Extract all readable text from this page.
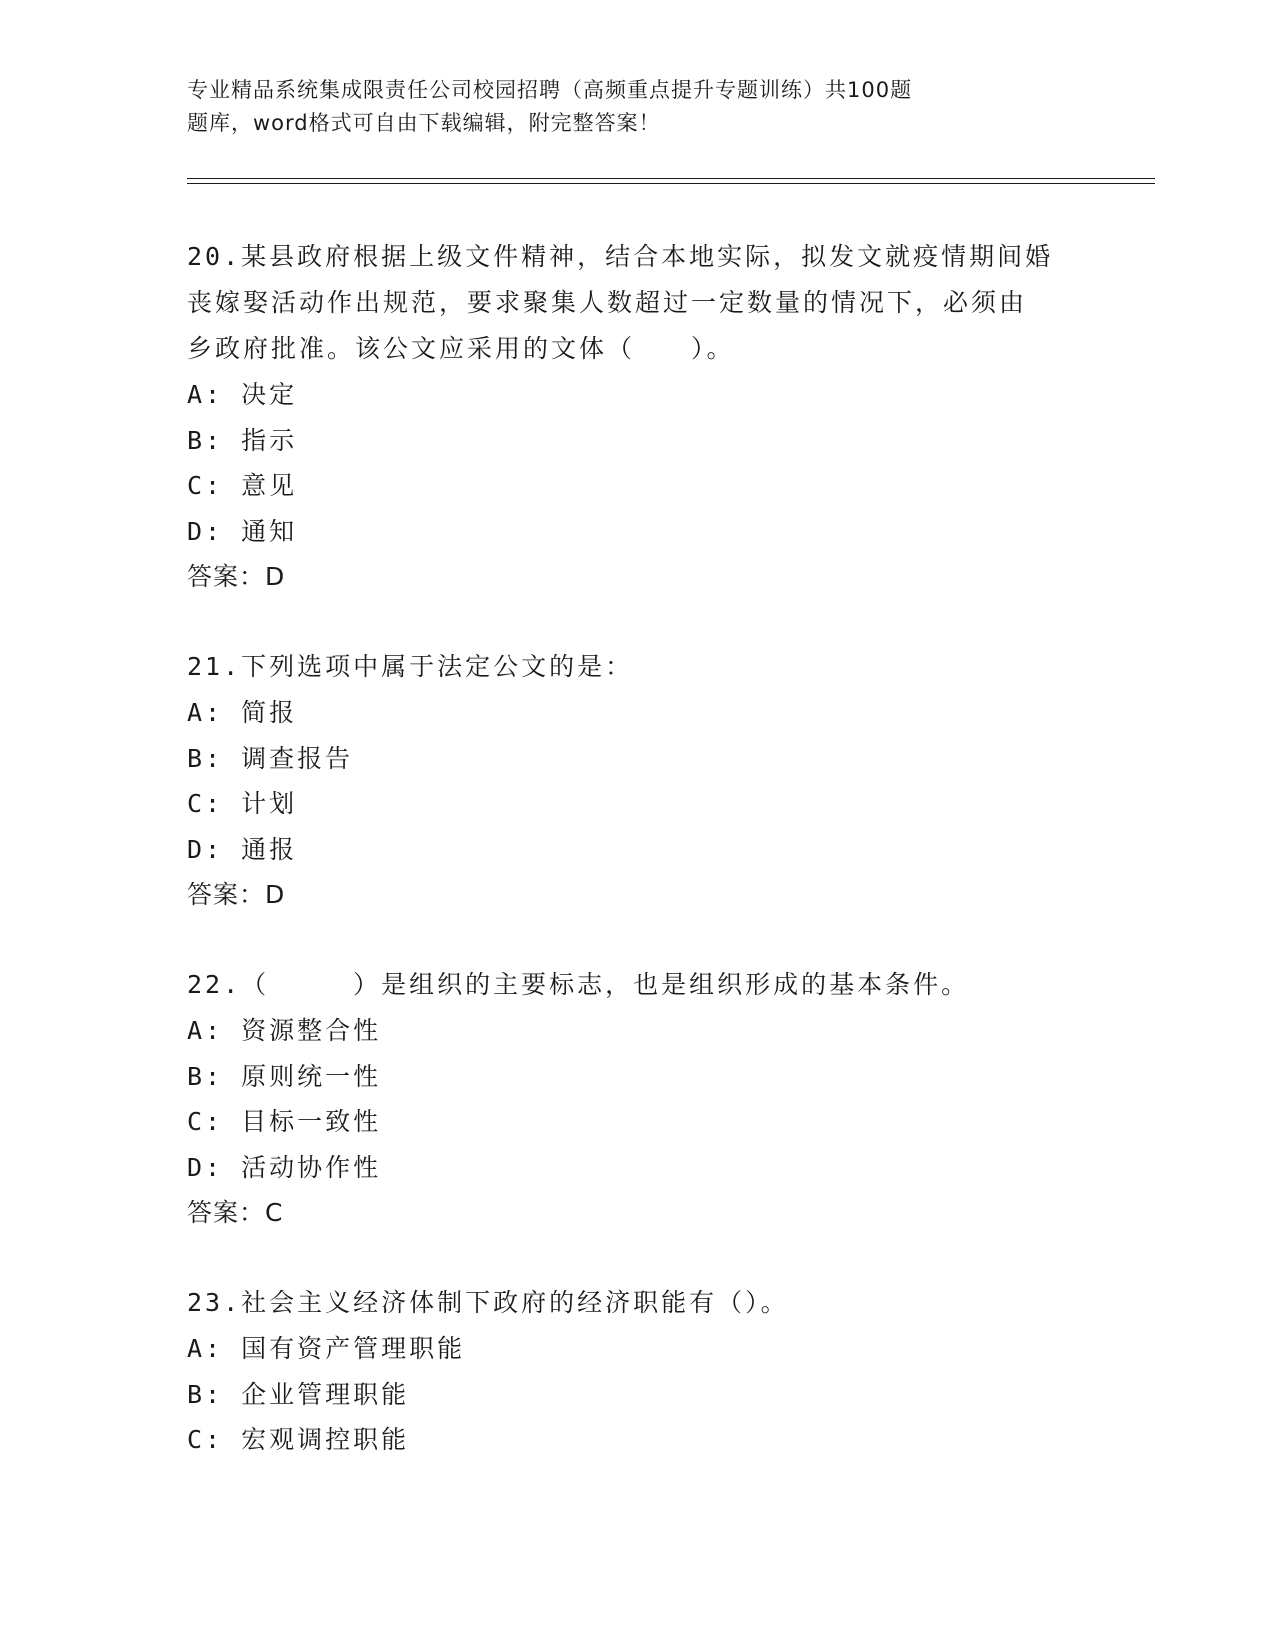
专业精品系统集成限责任公司校园招聘（高频重点提升专题训练）共100题
题库，word格式可自由下载编辑，附完整答案！
20.某县政府根据上级文件精神，结合本地实际，拟发文就疫情期间婚
丧嫁娶活动作出规范，要求聚集人数超过一定数量的情况下，必须由
乡政府批准。该公文应采用的文体（　　）。
A: 决定
B: 指示
C: 意见
D: 通知
答案：D
21.下列选项中属于法定公文的是：
A: 简报
B: 调查报告
C: 计划
D: 通报
答案：D
22.（　　　）是组织的主要标志，也是组织形成的基本条件。
A: 资源整合性
B: 原则统一性
C: 目标一致性
D: 活动协作性
答案：C
23.社会主义经济体制下政府的经济职能有（）。
A: 国有资产管理职能
B: 企业管理职能
C: 宏观调控职能
